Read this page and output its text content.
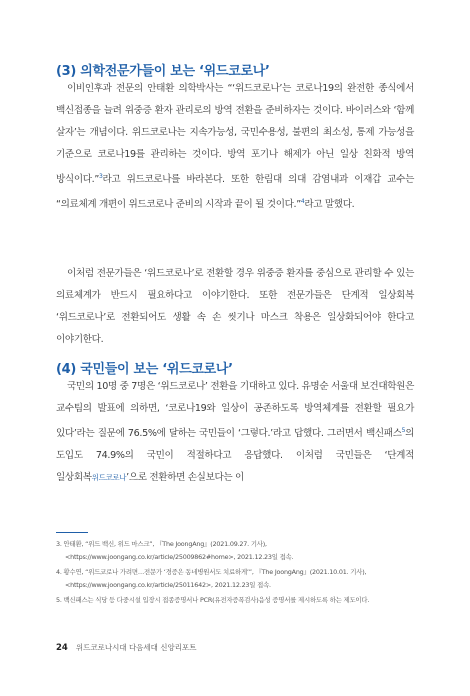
(3) 의학전문가들이 보는 ‘위드코로나’
이비인후과 전문의 안태환 의학박사는 “‘위드코로나’는 코로나19의 완전한 종식에서 백신접종을 늘려 위중증 환자 관리로의 방역 전환을 준비하자는 것이다. 바이러스와 ‘함께 살자’는 개념이다. 위드코로나는 지속가능성, 국민수용성, 불편의 최소성, 통제 가능성을 기준으로 코로나19를 관리하는 것이다. 방역 포기나 해제가 아닌 일상 친화적 방역 방식이다.”$^3$라고 위드코로나를 바라본다. 또한 한림대 의대 감염내과 이재갑 교수는 “의료체계 개편이 위드코로나 준비의 시작과 끝이 될 것이다.”$^4$라고 말했다.
이처럼 전문가들은 ‘위드코로나’로 전환할 경우 위중증 환자를 중심으로 관리할 수 있는 의료체계가 반드시 필요하다고 이야기한다. 또한 전문가들은 단계적 일상회복 ‘위드코로나’로 전환되어도 생활 속 손 씻기나 마스크 착용은 일상화되어야 한다고 이야기한다.
(4) 국민들이 보는 ‘위드코로나’
국민의 10명 중 7명은 ‘위드코로나’ 전환을 기대하고 있다. 유명순 서울대 보건대학원은 교수팀의 발표에 의하면, ‘코로나19와 일상이 공존하도록 방역체계를 전환할 필요가 있다’라는 질문에 76.5%에 달하는 국민들이 ‘그렇다.’라고 답했다. 그러면서 백신패스$^5$의 도입도 74.9%의 국민이 적절하다고 응답했다. 이처럼 국민들은 ‘단계적 일상회복위드코로나’으로 전환하면 손실보다는 이
3. 안태환, “위드 백신, 위드 마스크”, 『The JoongAng』(2021.09.27. 기사), <https://www.joongang.co.kr/article/25009862#home>, 2021.12.23일 접속.
4. 황수연, “위드코로나 가려면…전문가 ‘경증은 동네병원서도 치료하게’”, 『The JoongAng』(2021.10.01. 기사), <https://www.joongang.co.kr/article/25011642>, 2021.12.23일 접속.
5. 백신패스는 식당 등 다중시설 입장시 접종증명서나 PCR(유전자증폭검사)음성 증명서를 제시하도록 하는 제도이다.
24 위드코로나시대 다음세대 신앙리포트
